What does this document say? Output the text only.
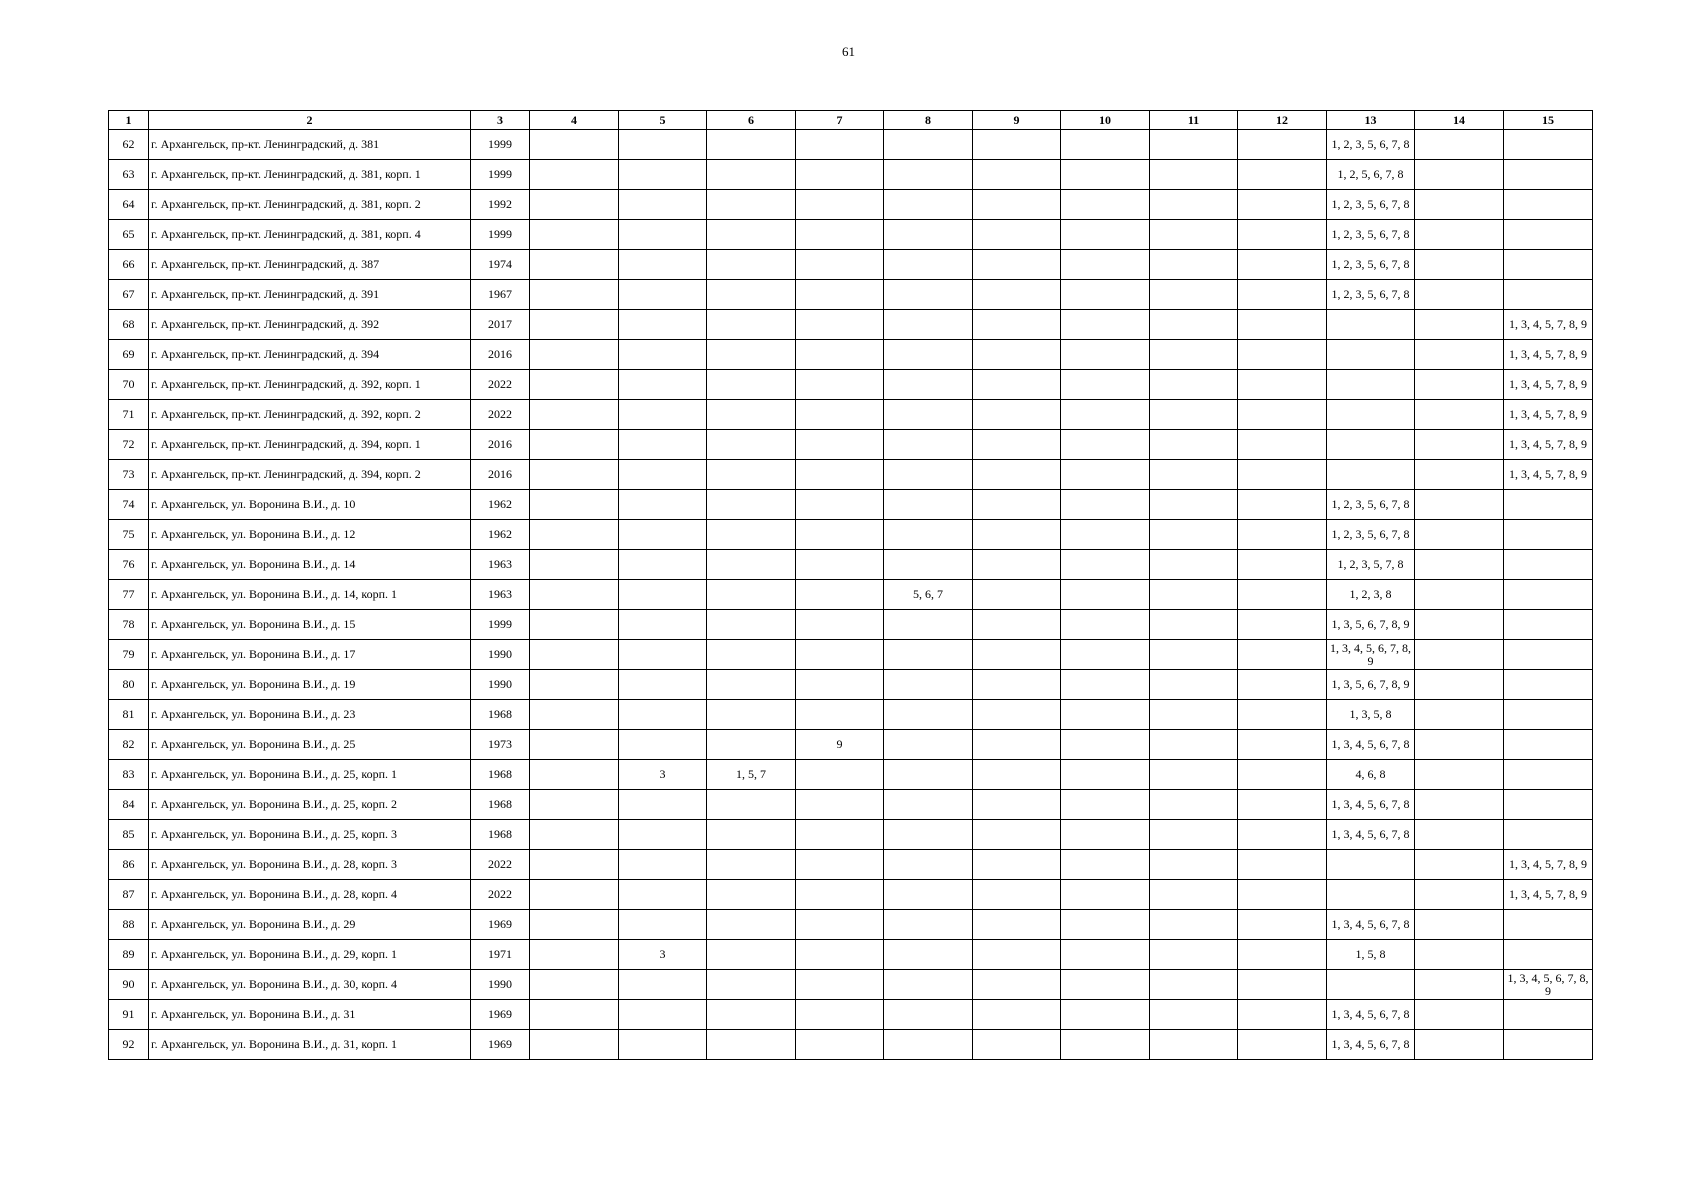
61
1	2	3	4	5	6	7	8	9	10	11	12	13	14	15
62	г. Архангельск, пр-кт. Ленинградский, д. 381	1999										1, 2, 3, 5, 6, 7, 8		
63	г. Архангельск, пр-кт. Ленинградский, д. 381, корп. 1	1999										1, 2, 5, 6, 7, 8		
64	г. Архангельск, пр-кт. Ленинградский, д. 381, корп. 2	1992										1, 2, 3, 5, 6, 7, 8		
65	г. Архангельск, пр-кт. Ленинградский, д. 381, корп. 4	1999										1, 2, 3, 5, 6, 7, 8		
66	г. Архангельск, пр-кт. Ленинградский, д. 387	1974										1, 2, 3, 5, 6, 7, 8		
67	г. Архангельск, пр-кт. Ленинградский, д. 391	1967										1, 2, 3, 5, 6, 7, 8		
68	г. Архангельск, пр-кт. Ленинградский, д. 392	2017												1, 3, 4, 5, 7, 8, 9
69	г. Архангельск, пр-кт. Ленинградский, д. 394	2016												1, 3, 4, 5, 7, 8, 9
70	г. Архангельск, пр-кт. Ленинградский, д. 392, корп. 1	2022												1, 3, 4, 5, 7, 8, 9
71	г. Архангельск, пр-кт. Ленинградский, д. 392, корп. 2	2022												1, 3, 4, 5, 7, 8, 9
72	г. Архангельск, пр-кт. Ленинградский, д. 394, корп. 1	2016												1, 3, 4, 5, 7, 8, 9
73	г. Архангельск, пр-кт. Ленинградский, д. 394, корп. 2	2016												1, 3, 4, 5, 7, 8, 9
74	г. Архангельск, ул. Воронина В.И., д. 10	1962										1, 2, 3, 5, 6, 7, 8		
75	г. Архангельск, ул. Воронина В.И., д. 12	1962										1, 2, 3, 5, 6, 7, 8		
76	г. Архангельск, ул. Воронина В.И., д. 14	1963										1, 2, 3, 5, 7, 8		
77	г. Архангельск, ул. Воронина В.И., д. 14, корп. 1	1963					5, 6, 7					1, 2, 3, 8		
78	г. Архангельск, ул. Воронина В.И., д. 15	1999										1, 3, 5, 6, 7, 8, 9		
79	г. Архангельск, ул. Воронина В.И., д. 17	1990										1, 3, 4, 5, 6, 7, 8, 9		
80	г. Архангельск, ул. Воронина В.И., д. 19	1990										1, 3, 5, 6, 7, 8, 9		
81	г. Архангельск, ул. Воронина В.И., д. 23	1968										1, 3, 5, 8		
82	г. Архангельск, ул. Воронина В.И., д. 25	1973				9						1, 3, 4, 5, 6, 7, 8		
83	г. Архангельск, ул. Воронина В.И., д. 25, корп. 1	1968		3	1, 5, 7							4, 6, 8		
84	г. Архангельск, ул. Воронина В.И., д. 25, корп. 2	1968										1, 3, 4, 5, 6, 7, 8		
85	г. Архангельск, ул. Воронина В.И., д. 25, корп. 3	1968										1, 3, 4, 5, 6, 7, 8		
86	г. Архангельск, ул. Воронина В.И., д. 28, корп. 3	2022												1, 3, 4, 5, 7, 8, 9
87	г. Архангельск, ул. Воронина В.И., д. 28, корп. 4	2022												1, 3, 4, 5, 7, 8, 9
88	г. Архангельск, ул. Воронина В.И., д. 29	1969										1, 3, 4, 5, 6, 7, 8		
89	г. Архангельск, ул. Воронина В.И., д. 29, корп. 1	1971		3								1, 5, 8		
90	г. Архангельск, ул. Воронина В.И., д. 30, корп. 4	1990												1, 3, 4, 5, 6, 7, 8, 9
91	г. Архангельск, ул. Воронина В.И., д. 31	1969										1, 3, 4, 5, 6, 7, 8		
92	г. Архангельск, ул. Воронина В.И., д. 31, корп. 1	1969										1, 3, 4, 5, 6, 7, 8		
